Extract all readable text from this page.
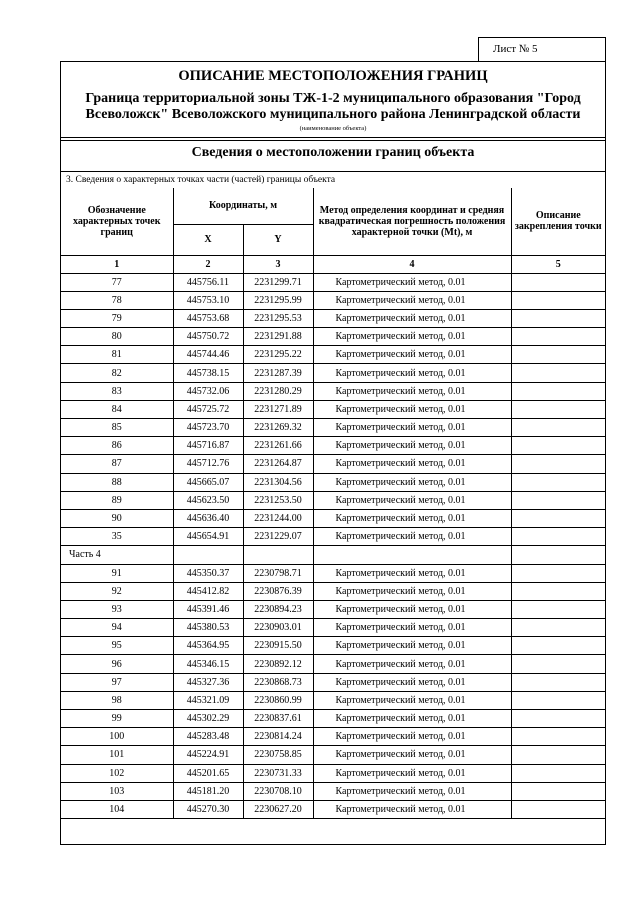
Лист № 5
ОПИСАНИЕ МЕСТОПОЛОЖЕНИЯ ГРАНИЦ
Граница территориальной зоны ТЖ-1-2 муниципального образования "Город
Всеволожск" Всеволожского муниципального района Ленинградской области
(наименование объекта)
Сведения о местоположении границ объекта
3. Сведения о характерных точках части (частей) границы объекта
Обозначение характерных точек границ	Координаты, м		Метод определения координат и средняя квадратическая погрешность положения характерной точки (Mt), м	Описание закрепления точки
	X	Y		
1	2	3	4	5
77	445756.11	2231299.71	Картометрический метод, 0.01	
78	445753.10	2231295.99	Картометрический метод, 0.01	
79	445753.68	2231295.53	Картометрический метод, 0.01	
80	445750.72	2231291.88	Картометрический метод, 0.01	
81	445744.46	2231295.22	Картометрический метод, 0.01	
82	445738.15	2231287.39	Картометрический метод, 0.01	
83	445732.06	2231280.29	Картометрический метод, 0.01	
84	445725.72	2231271.89	Картометрический метод, 0.01	
85	445723.70	2231269.32	Картометрический метод, 0.01	
86	445716.87	2231261.66	Картометрический метод, 0.01	
87	445712.76	2231264.87	Картометрический метод, 0.01	
88	445665.07	2231304.56	Картометрический метод, 0.01	
89	445623.50	2231253.50	Картометрический метод, 0.01	
90	445636.40	2231244.00	Картометрический метод, 0.01	
35	445654.91	2231229.07	Картометрический метод, 0.01	
Часть 4				
91	445350.37	2230798.71	Картометрический метод, 0.01	
92	445412.82	2230876.39	Картометрический метод, 0.01	
93	445391.46	2230894.23	Картометрический метод, 0.01	
94	445380.53	2230903.01	Картометрический метод, 0.01	
95	445364.95	2230915.50	Картометрический метод, 0.01	
96	445346.15	2230892.12	Картометрический метод, 0.01	
97	445327.36	2230868.73	Картометрический метод, 0.01	
98	445321.09	2230860.99	Картометрический метод, 0.01	
99	445302.29	2230837.61	Картометрический метод, 0.01	
100	445283.48	2230814.24	Картометрический метод, 0.01	
101	445224.91	2230758.85	Картометрический метод, 0.01	
102	445201.65	2230731.33	Картометрический метод, 0.01	
103	445181.20	2230708.10	Картометрический метод, 0.01	
104	445270.30	2230627.20	Картометрический метод, 0.01	
